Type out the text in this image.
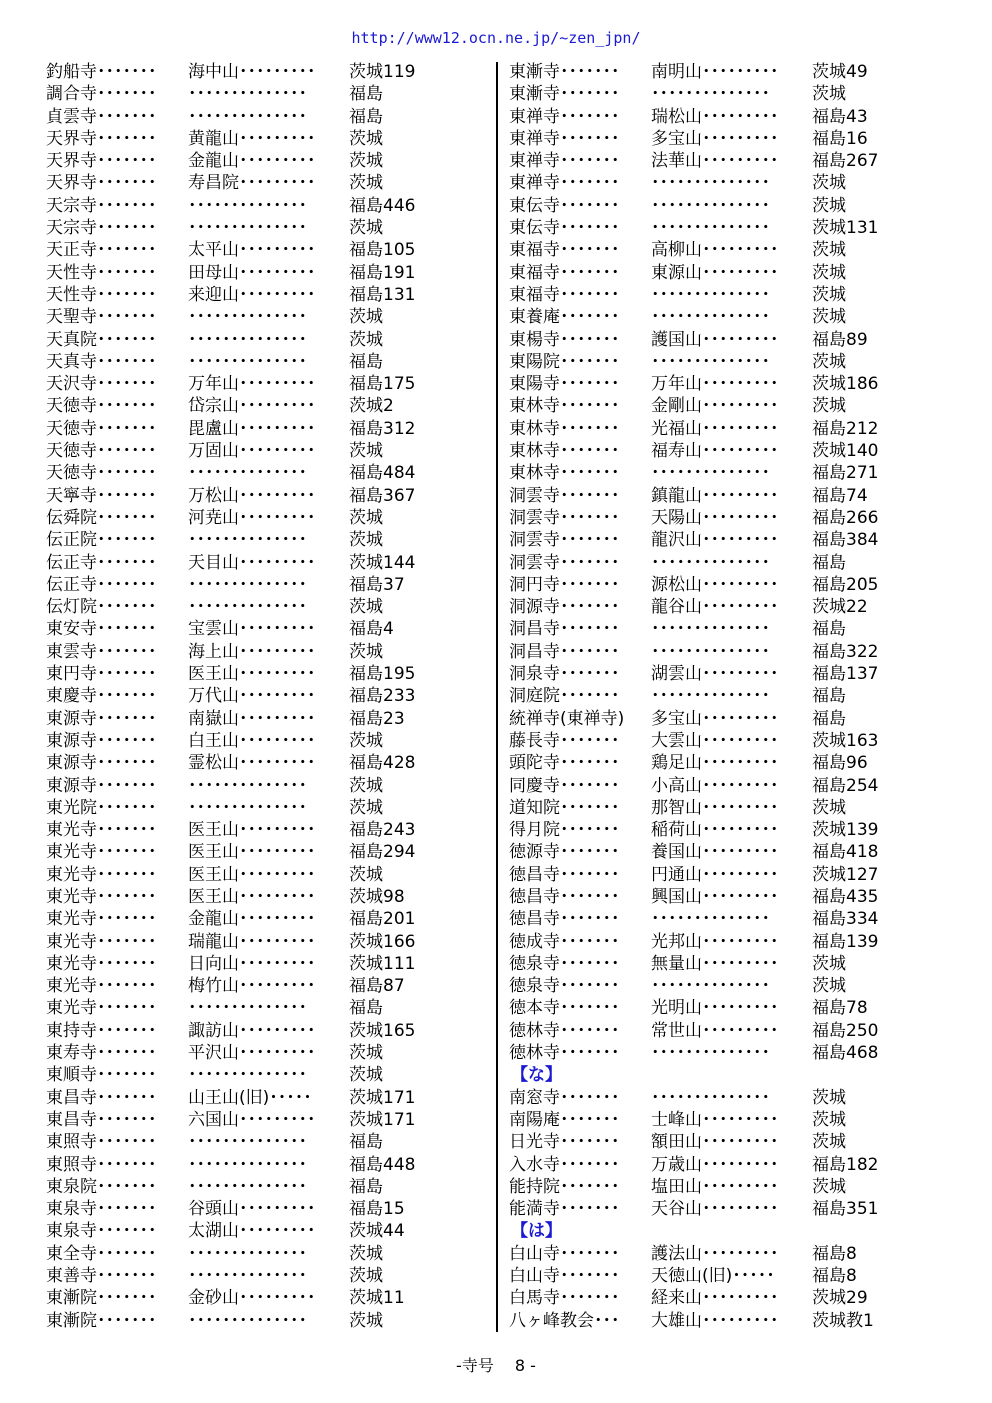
http://www12.ocn.ne.jp/~zen_jpn/
釣船寺･･･････	海中山･････････	茨城119
調合寺･･･････	･･････････････	福島
貞雲寺･･･････	･･････････････	福島
天界寺･･･････	黄龍山･････････	茨城
天界寺･･･････	金龍山･････････	茨城
天界寺･･･････	寿昌院･････････	茨城
天宗寺･･･････	･･････････････	福島446
天宗寺･･･････	･･････････････	茨城
天正寺･･･････	太平山･････････	福島105
天性寺･･･････	田母山･････････	福島191
天性寺･･･････	来迎山･････････	福島131
天聖寺･･･････	･･････････････	茨城
天真院･･･････	･･････････････	茨城
天真寺･･･････	･･････････････	福島
天沢寺･･･････	万年山･････････	福島175
天徳寺･･･････	岱宗山･････････	茨城2
天徳寺･･･････	毘盧山･････････	福島312
天徳寺･･･････	万固山･････････	茨城
天徳寺･･･････	･･････････････	福島484
天寧寺･･･････	万松山･････････	福島367
伝舜院･･･････	河尭山･････････	茨城
伝正院･･･････	･･････････････	茨城
伝正寺･･･････	天目山･････････	茨城144
伝正寺･･･････	･･････････････	福島37
伝灯院･･･････	･･････････････	茨城
東安寺･･･････	宝雲山･････････	福島4
東雲寺･･･････	海上山･････････	茨城
東円寺･･･････	医王山･････････	福島195
東慶寺･･･････	万代山･････････	福島233
東源寺･･･････	南嶽山･････････	福島23
東源寺･･･････	白王山･････････	茨城
東源寺･･･････	霊松山･････････	福島428
東源寺･･･････	･･････････････	茨城
東光院･･･････	･･････････････	茨城
東光寺･･･････	医王山･････････	福島243
東光寺･･･････	医王山･････････	福島294
東光寺･･･････	医王山･････････	茨城
東光寺･･･････	医王山･････････	茨城98
東光寺･･･････	金龍山･････････	福島201
東光寺･･･････	瑞龍山･････････	茨城166
東光寺･･･････	日向山･････････	茨城111
東光寺･･･････	梅竹山･････････	福島87
東光寺･･･････	･･････････････	福島
東持寺･･･････	諏訪山･････････	茨城165
東寿寺･･･････	平沢山･････････	茨城
東順寺･･･････	･･････････････	茨城
東昌寺･･･････	山王山(旧)･････	茨城171
東昌寺･･･････	六国山･････････	茨城171
東照寺･･･････	･･････････････	福島
東照寺･･･････	･･････････････	福島448
東泉院･･･････	･･････････････	福島
東泉寺･･･････	谷頭山･････････	福島15
東泉寺･･･････	太湖山･････････	茨城44
東全寺･･･････	･･････････････	茨城
東善寺･･･････	･･････････････	茨城
東漸院･･･････	金砂山･････････	茨城11
東漸院･･･････	･･････････････	茨城
東漸寺･･･････	南明山･････････	茨城49
東漸寺･･･････	･･････････････	茨城
東禅寺･･･････	瑞松山･････････	福島43
東禅寺･･･････	多宝山･････････	福島16
東禅寺･･･････	法華山･････････	福島267
東禅寺･･･････	･･････････････	茨城
東伝寺･･･････	･･････････････	茨城
東伝寺･･･････	･･････････････	茨城131
東福寺･･･････	高柳山･････････	茨城
東福寺･･･････	東源山･････････	茨城
東福寺･･･････	･･････････････	茨城
東養庵･･･････	･･････････････	茨城
東楊寺･･･････	護国山･････････	福島89
東陽院･･･････	･･････････････	茨城
東陽寺･･･････	万年山･････････	茨城186
東林寺･･･････	金剛山･････････	茨城
東林寺･･･････	光福山･････････	福島212
東林寺･･･････	福寿山･････････	茨城140
東林寺･･･････	･･････････････	福島271
洞雲寺･･･････	鎮龍山･････････	福島74
洞雲寺･･･････	天陽山･････････	福島266
洞雲寺･･･････	龍沢山･････････	福島384
洞雲寺･･･････	･･････････････	福島
洞円寺･･･････	源松山･････････	福島205
洞源寺･･･････	龍谷山･････････	茨城22
洞昌寺･･･････	･･････････････	福島
洞昌寺･･･････	･･････････････	福島322
洞泉寺･･･････	湖雲山･････････	福島137
洞庭院･･･････	･･････････････	福島
統禅寺(東禅寺)	多宝山･････････	福島
藤長寺･･･････	大雲山･････････	茨城163
頭陀寺･･･････	鶏足山･････････	福島96
同慶寺･･･････	小高山･････････	福島254
道知院･･･････	那智山･････････	茨城
得月院･･･････	稲荷山･････････	茨城139
徳源寺･･･････	養国山･････････	福島418
徳昌寺･･･････	円通山･････････	茨城127
徳昌寺･･･････	興国山･････････	福島435
徳昌寺･･･････	･･････････････	福島334
徳成寺･･･････	光邦山･････････	福島139
徳泉寺･･･････	無量山･････････	茨城
徳泉寺･･･････	･･････････････	茨城
徳本寺･･･････	光明山･････････	福島78
徳林寺･･･････	常世山･････････	福島250
徳林寺･･･････	･･････････････	福島468
【な】
南窓寺･･･････	･･････････････	茨城
南陽庵･･･････	士峰山･････････	茨城
日光寺･･･････	額田山･････････	茨城
入水寺･･･････	万歳山･････････	福島182
能持院･･･････	塩田山･････････	茨城
能満寺･･･････	天谷山･････････	福島351
【は】
白山寺･･･････	護法山･････････	福島8
白山寺･･･････	天徳山(旧)･････	福島8
白馬寺･･･････	経来山･････････	茨城29
八ヶ峰教会･･･	大雄山･････････	茨城教1
-寺号　 8 -
